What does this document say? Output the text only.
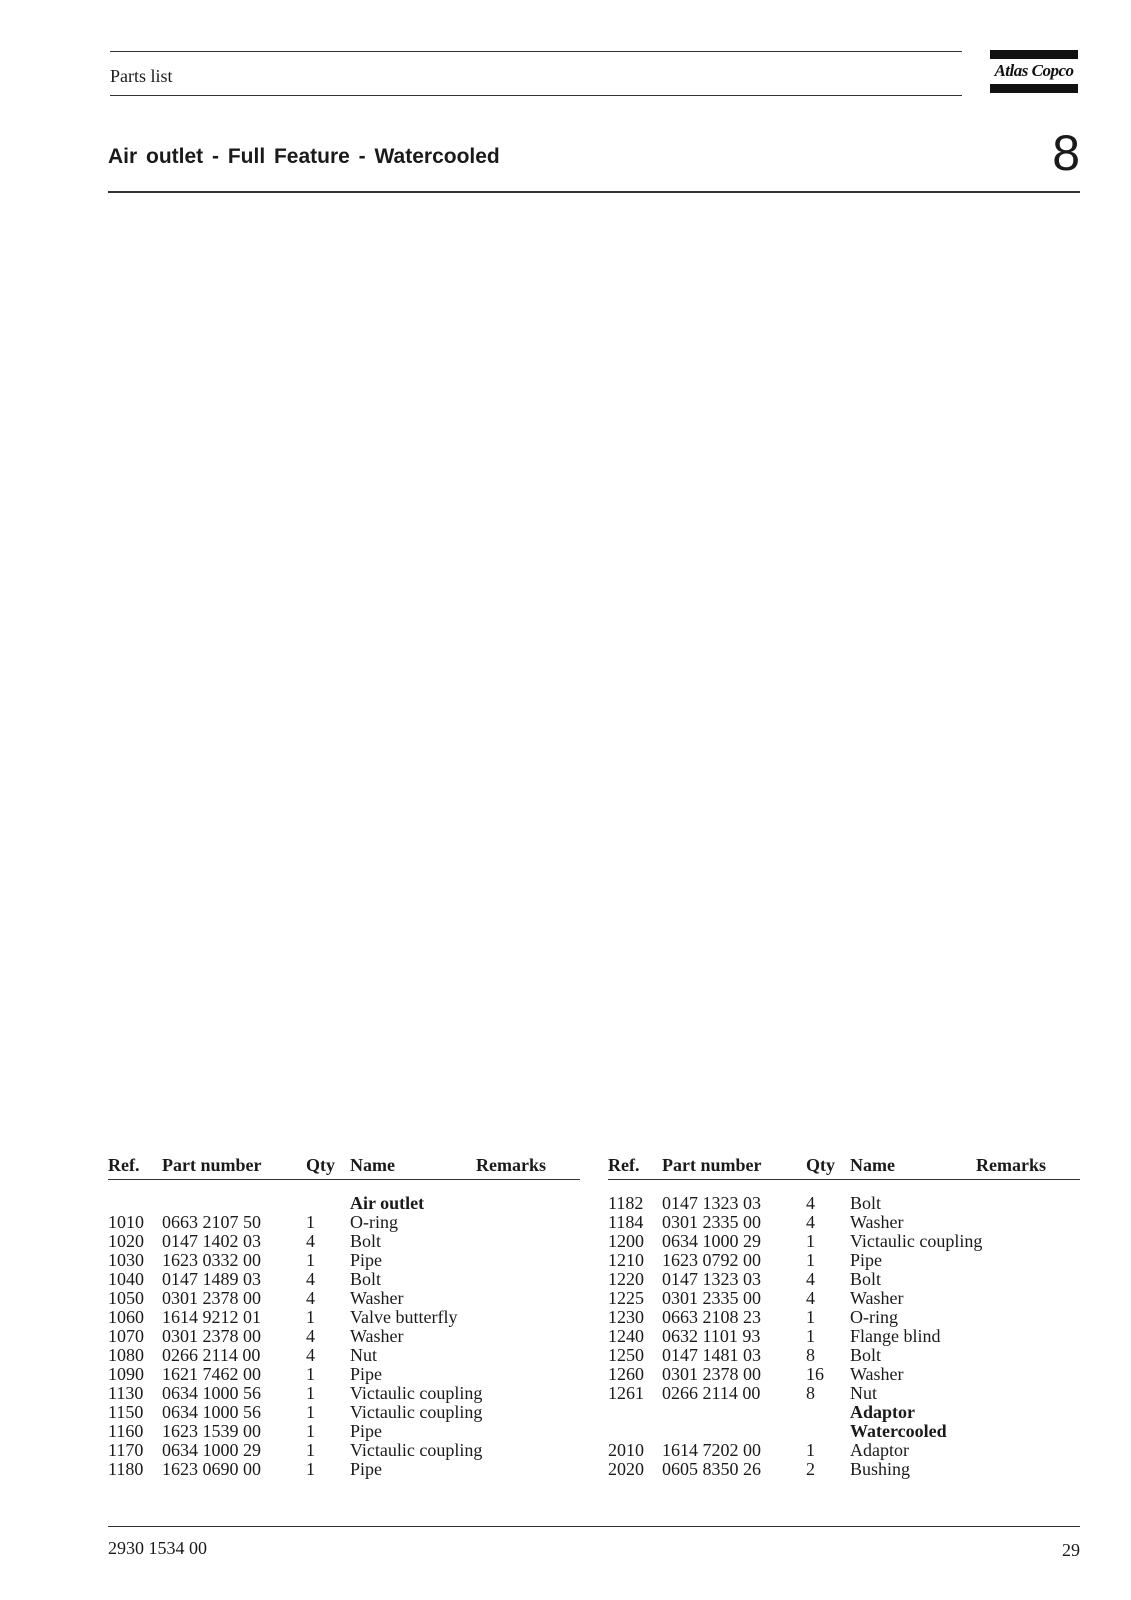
Parts list	Atlas Copco
Air outlet - Full Feature - Watercooled	8
Ref. Part number Qty Name	Remarks
Air outlet
1010 0663 2107 50	1 O-ring
1020 0147 1402 03	4 Bolt
1030 1623 0332 00	1 Pipe
1040 0147 1489 03	4 Bolt
1050 0301 2378 00	4 Washer
1060 1614 9212 01	1 Valve butterfly
1070 0301 2378 00	4 Washer
1080 0266 2114 00	4 Nut
1090 1621 7462 00	1 Pipe
1130 0634 1000 56	1 Victaulic coupling
1150 0634 1000 56	1 Victaulic coupling
1160 1623 1539 00	1 Pipe
1170 0634 1000 29	1 Victaulic coupling
1180 1623 0690 00	1 Pipe
Ref. Part number Qty Name	Remarks
1182 0147 1323 03	4 Bolt
1184 0301 2335 00	4 Washer
1200 0634 1000 29	1 Victaulic coupling
1210 1623 0792 00	1 Pipe
1220 0147 1323 03	4 Bolt
1225 0301 2335 00	4 Washer
1230 0663 2108 23	1 O-ring
1240 0632 1101 93	1 Flange blind
1250 0147 1481 03	8 Bolt
1260 0301 2378 00	16 Washer
1261 0266 2114 00	8 Nut
Adaptor
Watercooled
2010 1614 7202 00	1 Adaptor
2020 0605 8350 26	2 Bushing
2930 1534 00	29
